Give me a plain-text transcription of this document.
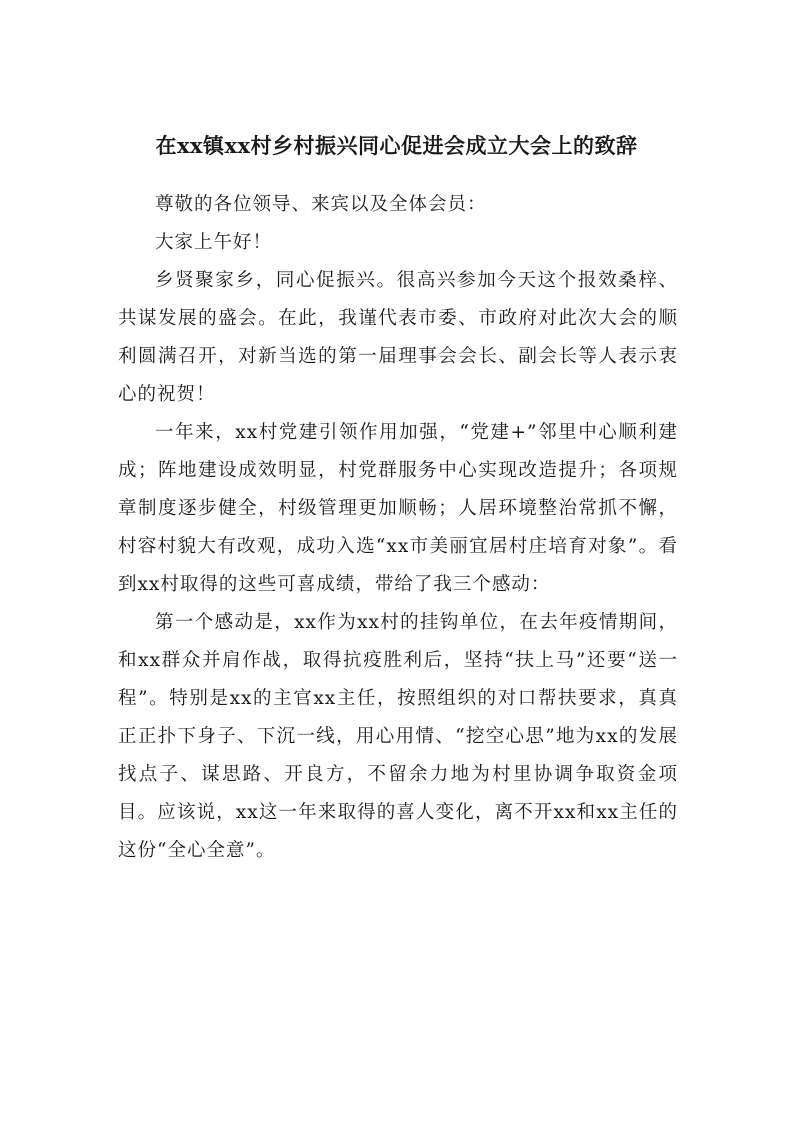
在xx镇xx村乡村振兴同心促进会成立大会上的致辞

尊敬的各位领导、来宾以及全体会员：

大家上午好！

乡贤聚家乡，同心促振兴。很高兴参加今天这个报效桑梓、共谋发展的盛会。在此，我谨代表市委、市政府对此次大会的顺利圆满召开，对新当选的第一届理事会会长、副会长等人表示衷心的祝贺！

一年来，xx村党建引领作用加强，“党建+”邻里中心顺利建成；阵地建设成效明显，村党群服务中心实现改造提升；各项规章制度逐步健全，村级管理更加顺畅；人居环境整治常抓不懈，村容村貌大有改观，成功入选“xx市美丽宜居村庄培育对象”。看到xx村取得的这些可喜成绩，带给了我三个感动：

第一个感动是，xx作为xx村的挂钩单位，在去年疫情期间，和xx群众并肩作战，取得抗疫胜利后，坚持“扶上马”还要“送一程”。特别是xx的主官xx主任，按照组织的对口帮扶要求，真真正正扑下身子、下沉一线，用心用情、“挖空心思”地为xx的发展找点子、谋思路、开良方，不留余力地为村里协调争取资金项目。应该说，xx这一年来取得的喜人变化，离不开xx和xx主任的这份“全心全意”。
